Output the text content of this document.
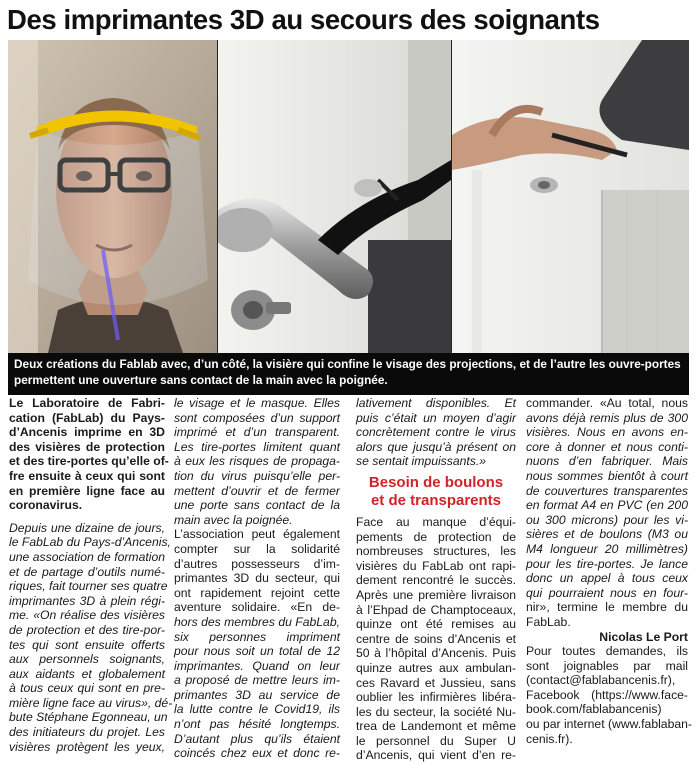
Des imprimantes 3D au secours des soignants
Deux créations du Fablab avec, d’un côté, la visière qui confine le visage des projections, et de l’autre les ouvre-portes
permettent une ouverture sans contact de la main avec la poignée.

Le Laboratoire de Fabri-
cation (FabLab) du Pays-
d’Ancenis imprime en 3D
des visières de protection
et des tire-portes qu’elle of-
fre ensuite à ceux qui sont
en première ligne face au
coronavirus.

Depuis une dizaine de jours,
le FabLab du Pays-d’Ancenis,
une association de formation
et de partage d’outils numé-
riques, fait tourner ses quatre
imprimantes 3D à plein régi-
me. «On réalise des visières
de protection et des tire-por-
tes qui sont ensuite offerts
aux personnels soignants,
aux aidants et globalement
à tous ceux qui sont en pre-
mière ligne face au virus», dé-
bute Stéphane Egonneau, un
des initiateurs du projet. Les
visières protègent les yeux,

le visage et le masque. Elles
sont composées d’un support
imprimé et d’un transparent.
Les tire-portes limitent quant
à eux les risques de propaga-
tion du virus puisqu’elle per-
mettent d’ouvrir et de fermer
une porte sans contact de la
main avec la poignée.

L’association peut également
compter sur la solidarité
d’autres possesseurs d’im-
primantes 3D du secteur, qui
ont rapidement rejoint cette
aventure solidaire. «En de-
hors des membres du FabLab,
six personnes impriment
pour nous soit un total de 12
imprimantes. Quand on leur
a proposé de mettre leurs im-
primantes 3D au service de
la lutte contre le Covid19, ils
n’ont pas hésité longtemps.
D’autant plus qu’ils étaient
coincés chez eux et donc re-

lativement disponibles. Et
puis c’était un moyen d’agir
concrètement contre le virus
alors que jusqu’à présent on
se sentait impuissants.»

Besoin de boulons
et de transparents

Face au manque d’équi-
pements de protection de
nombreuses structures, les
visières du FabLab ont rapi-
dement rencontré le succès.
Après une première livraison
à l’Ehpad de Champtoceaux,
quinze ont été remises au
centre de soins d’Ancenis et
50 à l’hôpital d’Ancenis. Puis
quinze autres aux ambulan-
ces Ravard et Jussieu, sans
oublier les infirmières libéra-
les du secteur, la société Nu-
trea de Landemont et même
le personnel du Super U
d’Ancenis, qui vient d’en re-

commander. «Au total, nous
avons déjà remis plus de 300
visières. Nous en avons en-
core à donner et nous conti-
nuons d’en fabriquer. Mais
nous sommes bientôt à court
de couvertures transparentes
en format A4 en PVC (en 200
ou 300 microns) pour les vi-
sières et de boulons (M3 ou
M4 longueur 20 millimètres)
pour les tire-portes. Je lance
donc un appel à tous ceux
qui pourraient nous en four-
nir», termine le membre du
FabLab.

Nicolas Le Port

Pour toutes demandes, ils
sont joignables par mail
(contact@fablabancenis.fr),
Facebook (https://www.face-
book.com/fablabancenis)
ou par internet (www.fablaban-
cenis.fr).
